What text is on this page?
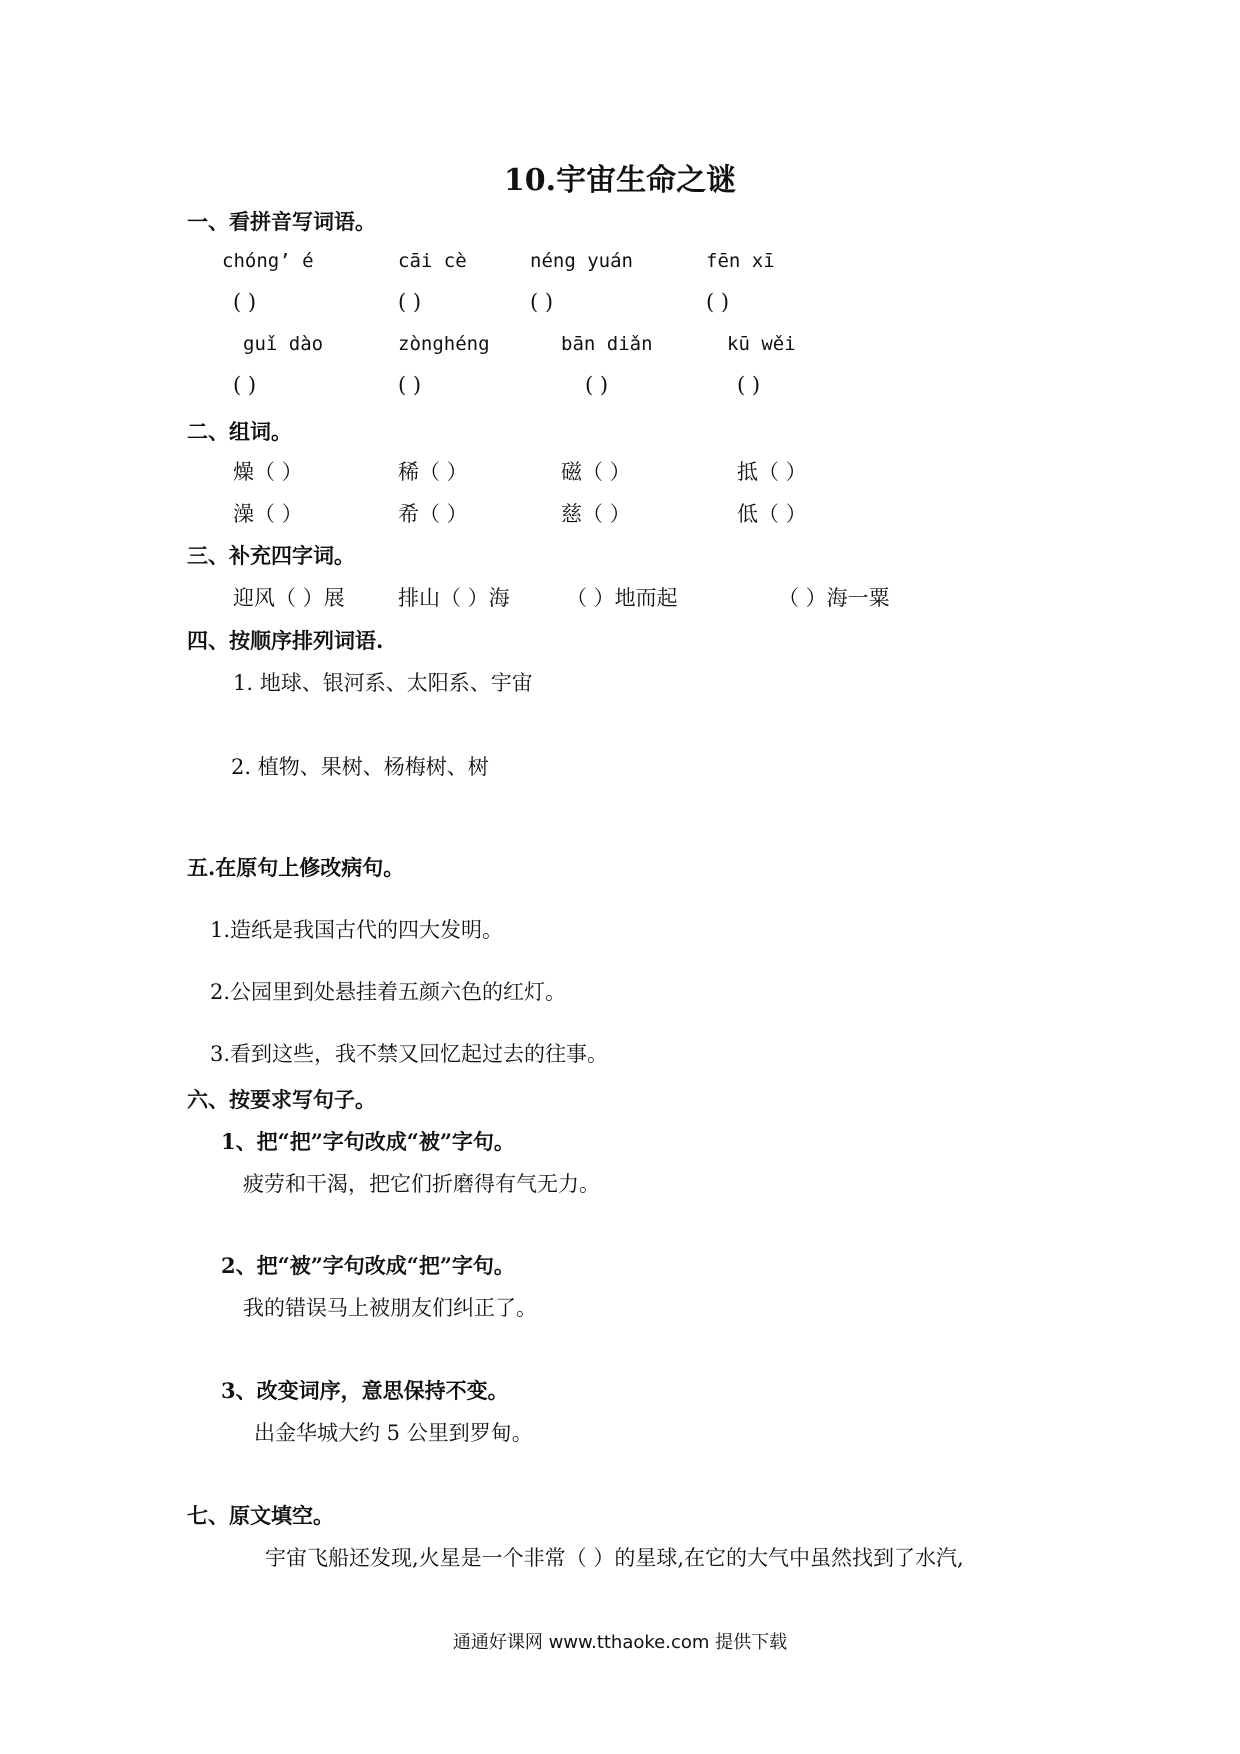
10.宇宙生命之谜
一、看拼音写词语。
chóng’ é	cāi cè	néng yuán	fēn xī
( )	( )	( )	( )
guǐ dào	zònghéng	bān diǎn	kū wěi
( )	( )	( )	( )
二、组词。
燥（ ）	稀（ ）	磁（ ）	抵（ ）
澡（ ）	希（ ）	慈（ ）	低（ ）
三、补充四字词。
迎风（ ）展	排山（ ）海	（ ）地而起	（ ）海一粟
四、按顺序排列词语.
1. 地球、银河系、太阳系、宇宙
2. 植物、果树、杨梅树、树
五.在原句上修改病句。
1.造纸是我国古代的四大发明。
2.公园里到处悬挂着五颜六色的红灯。
3.看到这些，我不禁又回忆起过去的往事。
六、按要求写句子。
1、把“把”字句改成“被”字句。
疲劳和干渴，把它们折磨得有气无力。
2、把“被”字句改成“把”字句。
我的错误马上被朋友们纠正了。
3、改变词序，意思保持不变。
出金华城大约 5 公里到罗甸。
七、原文填空。
宇宙飞船还发现,火星是一个非常（ ）的星球,在它的大气中虽然找到了水汽,
通通好课网 www.tthaoke.com 提供下载
